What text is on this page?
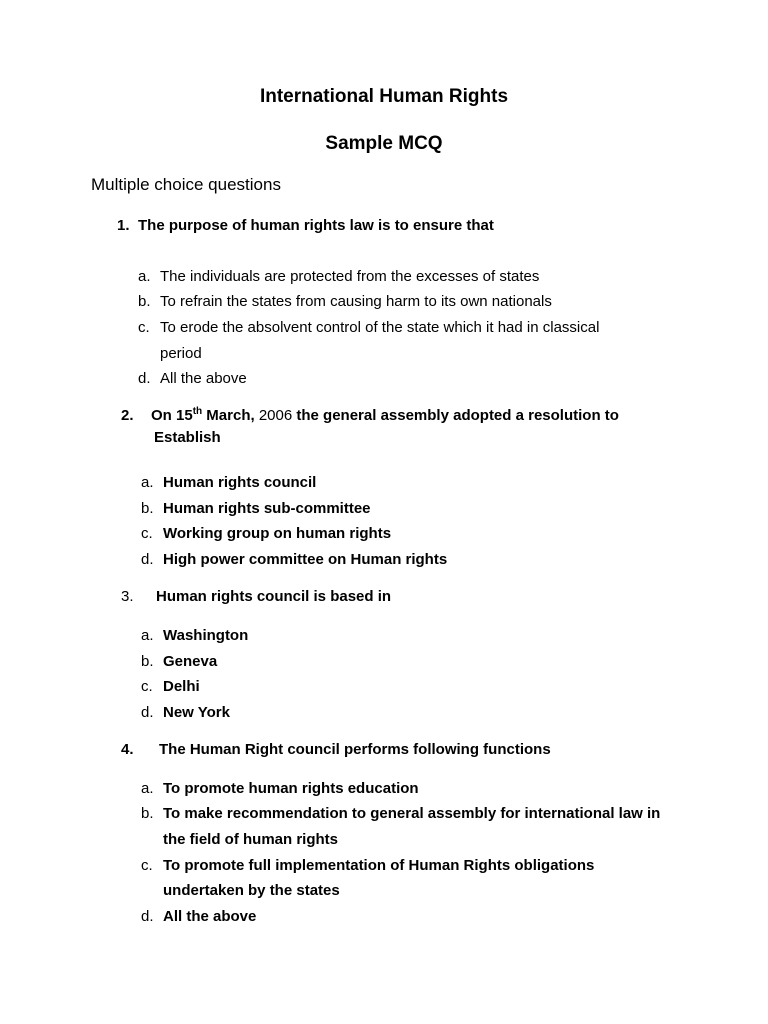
International Human Rights
Sample MCQ
Multiple choice questions
1. The purpose of human rights law is to ensure that
a. The individuals are protected from the excesses of states
b. To refrain the states from causing harm to its own nationals
c. To erode the absolvent control of the state which it had in classical
period
d. All the above
2. On 15th March, 2006 the general assembly adopted a resolution to
Establish
a. Human rights council
b. Human rights sub-committee
c. Working group on human rights
d. High power committee on Human rights
3. Human rights council is based in
a. Washington
b. Geneva
c. Delhi
d. New York
4. The Human Right council performs following functions
a. To promote human rights education
b. To make recommendation to general assembly for international law in
the field of human rights
c. To promote full implementation of Human Rights obligations
undertaken by the states
d. All the above
